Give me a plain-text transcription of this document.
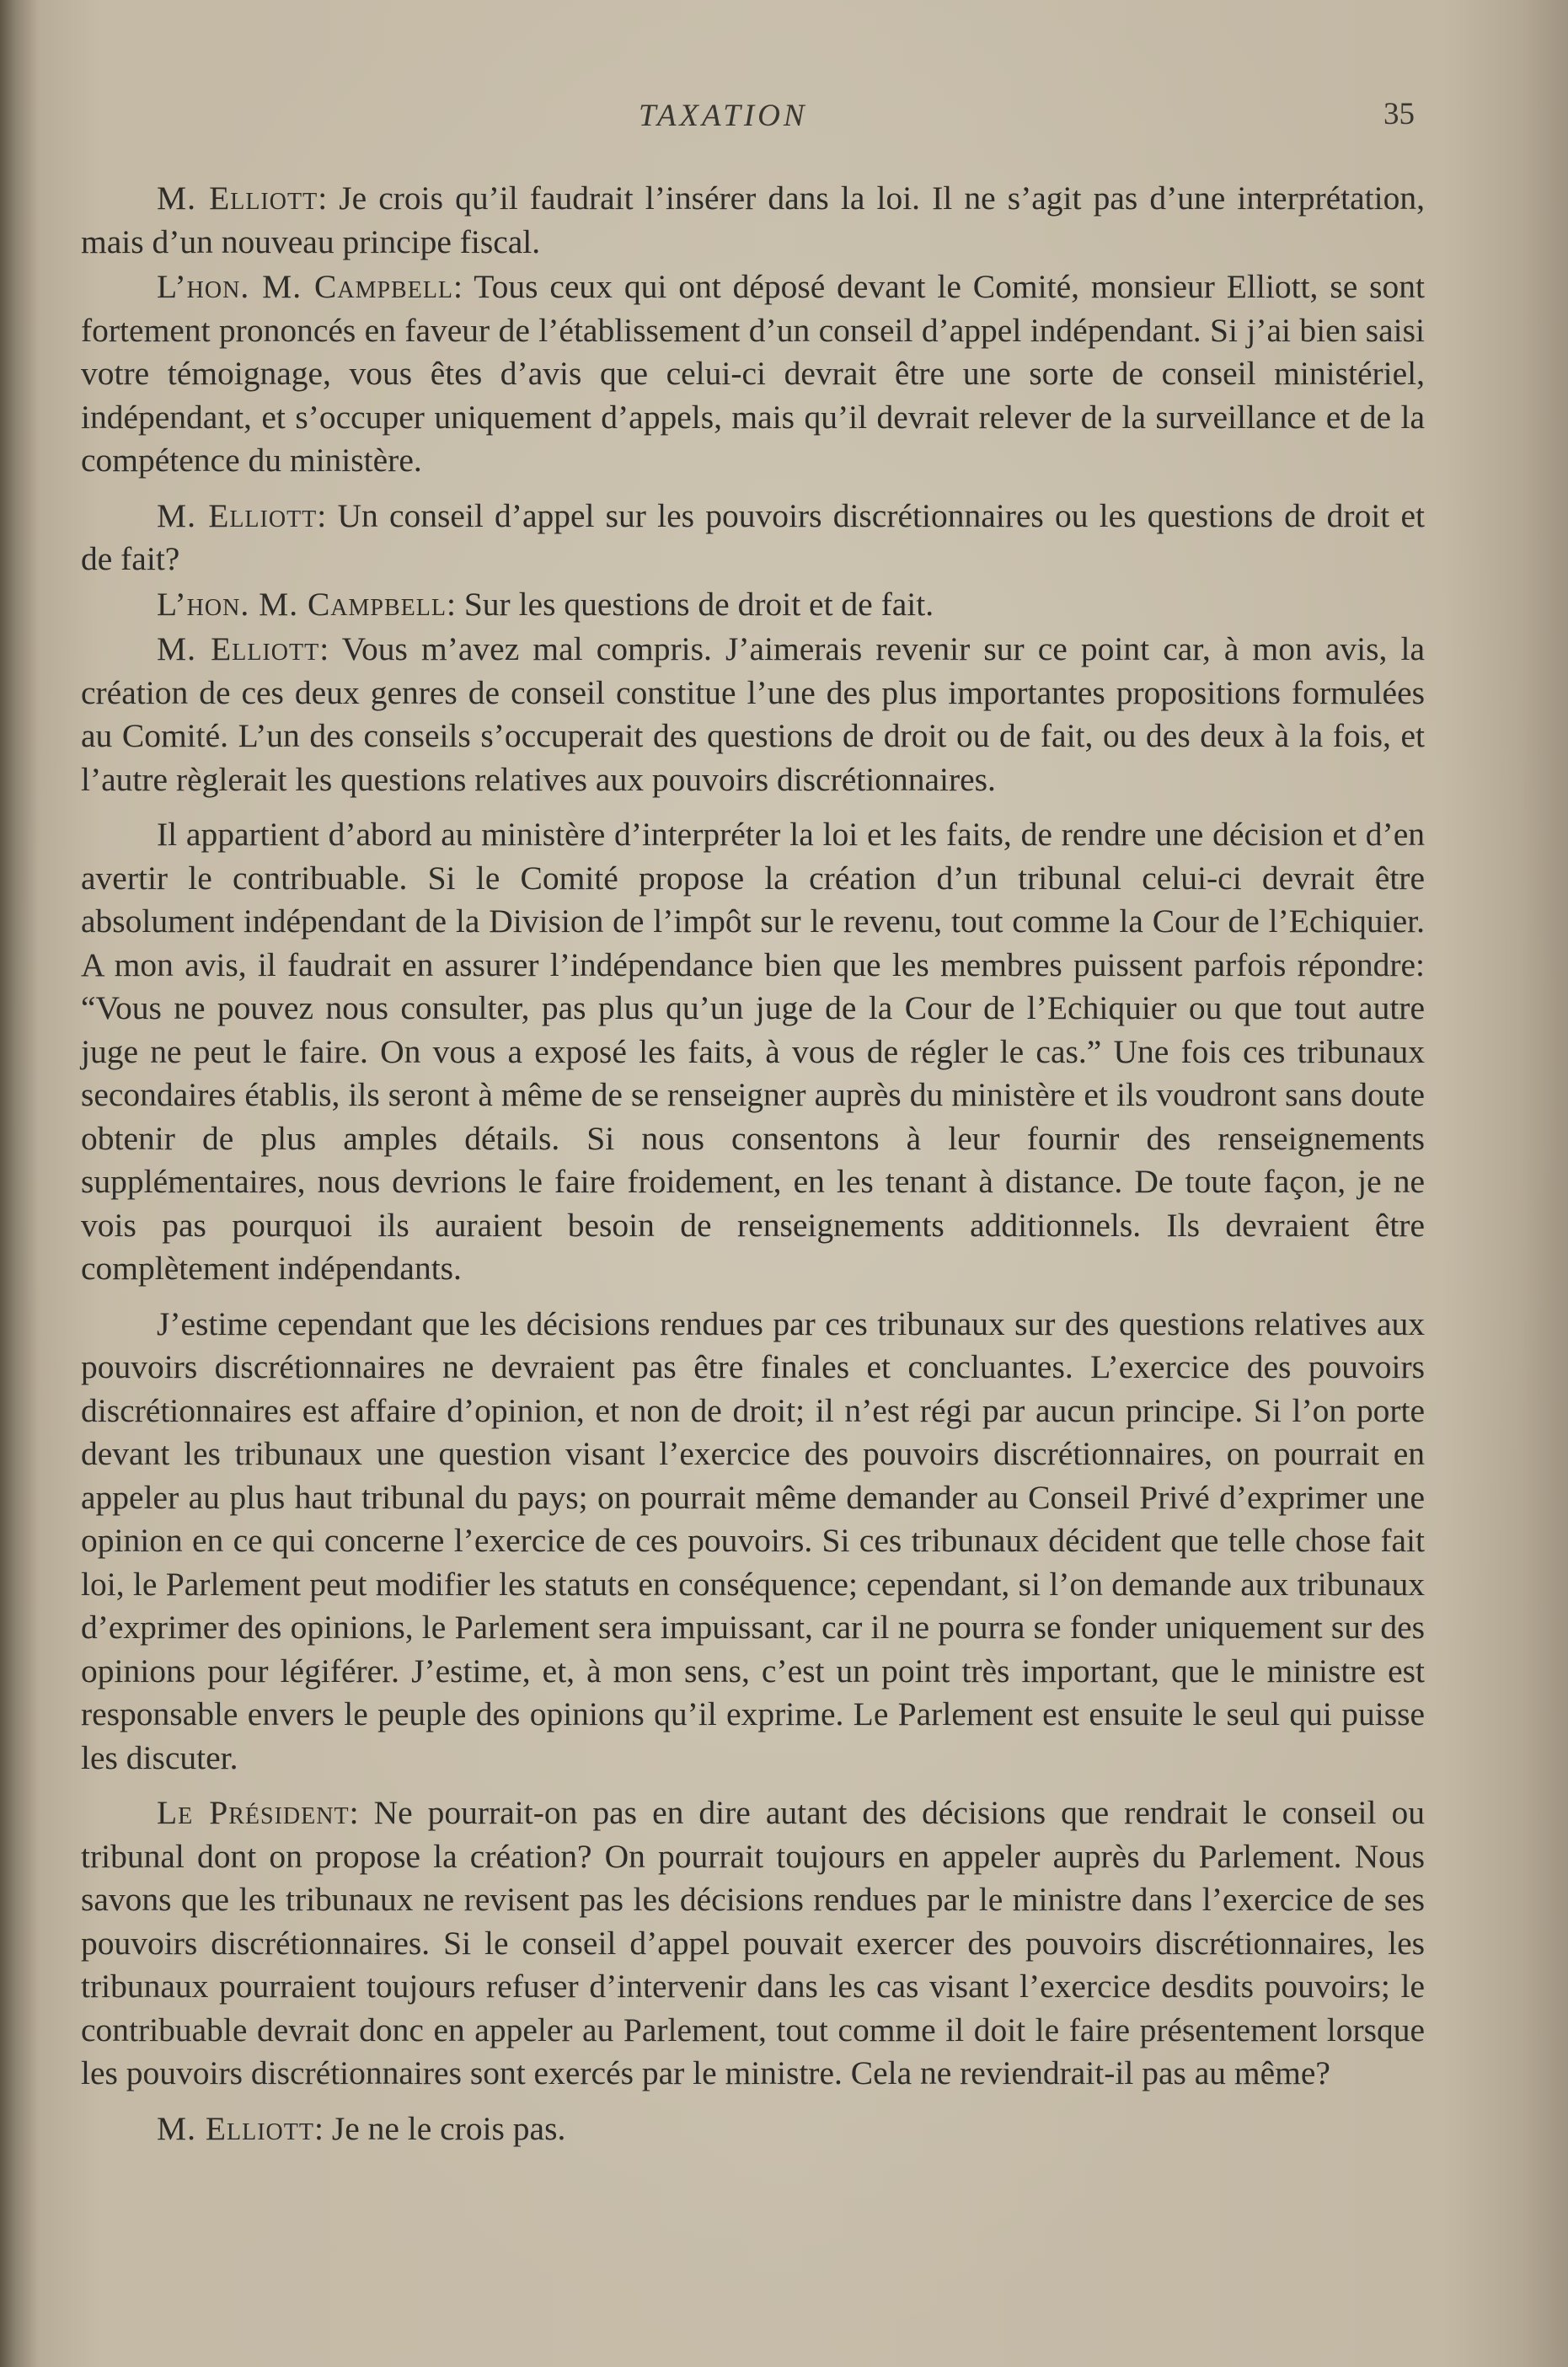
TAXATION	35

M. Elliott: Je crois qu’il faudrait l’insérer dans la loi. Il ne s’agit pas d’une interprétation, mais d’un nouveau principe fiscal.

L’hon. M. Campbell: Tous ceux qui ont déposé devant le Comité, monsieur Elliott, se sont fortement prononcés en faveur de l’établissement d’un conseil d’appel indépendant. Si j’ai bien saisi votre témoignage, vous êtes d’avis que celui-ci devrait être une sorte de conseil ministériel, indépendant, et s’occuper uniquement d’appels, mais qu’il devrait relever de la surveillance et de la compétence du ministère.

M. Elliott: Un conseil d’appel sur les pouvoirs discrétionnaires ou les questions de droit et de fait?

L’hon. M. Campbell: Sur les questions de droit et de fait.

M. Elliott: Vous m’avez mal compris. J’aimerais revenir sur ce point car, à mon avis, la création de ces deux genres de conseil constitue l’une des plus importantes propositions formulées au Comité. L’un des conseils s’occuperait des questions de droit ou de fait, ou des deux à la fois, et l’autre règlerait les questions relatives aux pouvoirs discrétionnaires.

Il appartient d’abord au ministère d’interpréter la loi et les faits, de rendre une décision et d’en avertir le contribuable. Si le Comité propose la création d’un tribunal celui-ci devrait être absolument indépendant de la Division de l’impôt sur le revenu, tout comme la Cour de l’Echiquier. A mon avis, il faudrait en assurer l’indépendance bien que les membres puissent parfois répondre: “Vous ne pouvez nous consulter, pas plus qu’un juge de la Cour de l’Echiquier ou que tout autre juge ne peut le faire. On vous a exposé les faits, à vous de régler le cas.” Une fois ces tribunaux secondaires établis, ils seront à même de se renseigner auprès du ministère et ils voudront sans doute obtenir de plus amples détails. Si nous consentons à leur fournir des renseignements supplémentaires, nous devrions le faire froidement, en les tenant à distance. De toute façon, je ne vois pas pourquoi ils auraient besoin de renseignements additionnels. Ils devraient être complètement indépendants.

J’estime cependant que les décisions rendues par ces tribunaux sur des questions relatives aux pouvoirs discrétionnaires ne devraient pas être finales et concluantes. L’exercice des pouvoirs discrétionnaires est affaire d’opinion, et non de droit; il n’est régi par aucun principe. Si l’on porte devant les tribunaux une question visant l’exercice des pouvoirs discrétionnaires, on pourrait en appeler au plus haut tribunal du pays; on pourrait même demander au Conseil Privé d’exprimer une opinion en ce qui concerne l’exercice de ces pouvoirs. Si ces tribunaux décident que telle chose fait loi, le Parlement peut modifier les statuts en conséquence; cependant, si l’on demande aux tribunaux d’exprimer des opinions, le Parlement sera impuissant, car il ne pourra se fonder uniquement sur des opinions pour légiférer. J’estime, et, à mon sens, c’est un point très important, que le ministre est responsable envers le peuple des opinions qu’il exprime. Le Parlement est ensuite le seul qui puisse les discuter.

Le Président: Ne pourrait-on pas en dire autant des décisions que rendrait le conseil ou tribunal dont on propose la création? On pourrait toujours en appeler auprès du Parlement. Nous savons que les tribunaux ne revisent pas les décisions rendues par le ministre dans l’exercice de ses pouvoirs discrétionnaires. Si le conseil d’appel pouvait exercer des pouvoirs discrétionnaires, les tribunaux pourraient toujours refuser d’intervenir dans les cas visant l’exercice desdits pouvoirs; le contribuable devrait donc en appeler au Parlement, tout comme il doit le faire présentement lorsque les pouvoirs discrétionnaires sont exercés par le ministre. Cela ne reviendrait-il pas au même?

M. Elliott: Je ne le crois pas.
